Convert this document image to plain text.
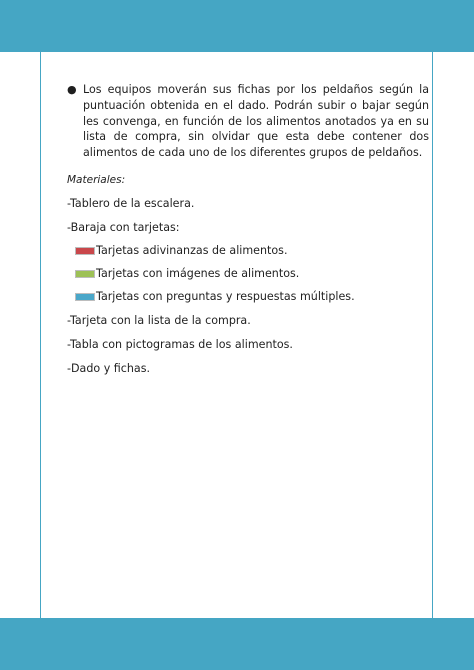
● Los equipos moverán sus fichas por los peldaños según la puntuación obtenida en el dado. Podrán subir o bajar según les convenga, en función de los alimentos anotados ya en su lista de compra, sin olvidar que esta debe contener dos alimentos de cada uno de los diferentes grupos de peldaños.

Materiales:
-Tablero de la escalera.
-Baraja con tarjetas:
Tarjetas adivinanzas de alimentos.
Tarjetas con imágenes de alimentos.
Tarjetas con preguntas y respuestas múltiples.
-Tarjeta con la lista de la compra.
-Tabla con pictogramas de los alimentos.
-Dado y fichas.
